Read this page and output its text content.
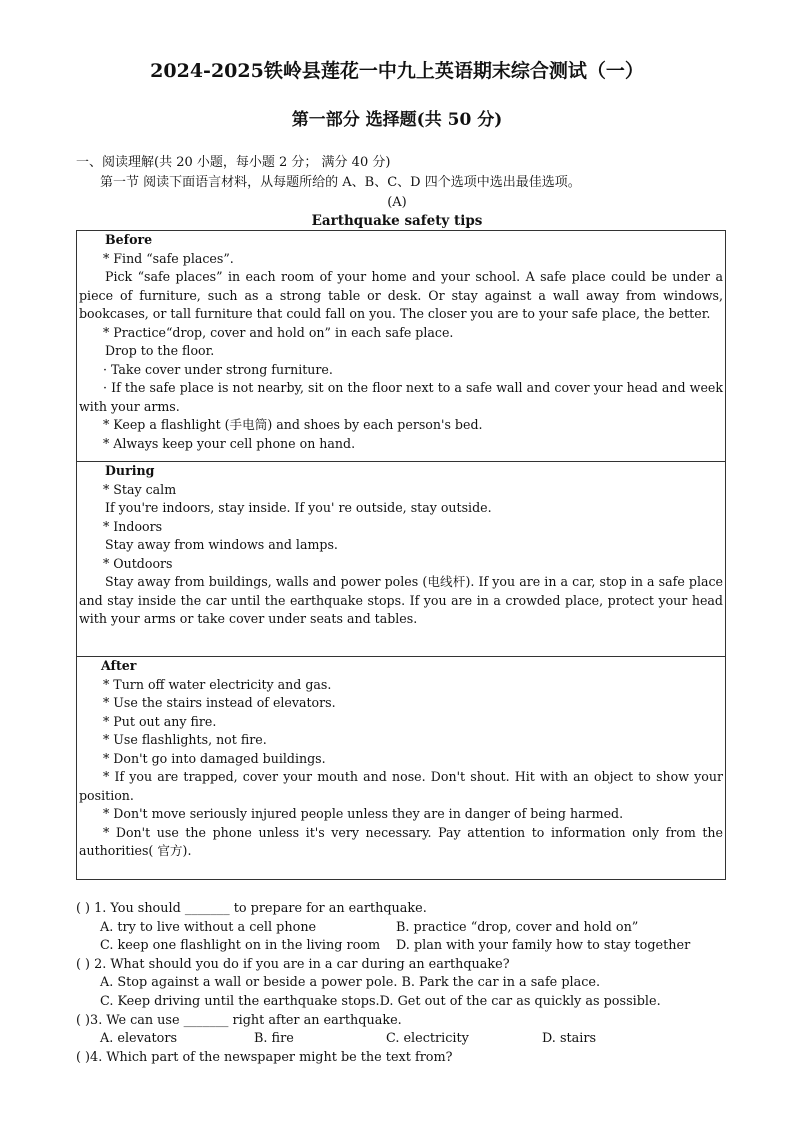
2024-2025铁岭县莲花一中九上英语期末综合测试（一）
第一部分 选择题(共 50 分)
一、阅读理解(共 20 小题，每小题 2 分； 满分 40 分)
第一节 阅读下面语言材料，从每题所给的 A、B、C、D 四个选项中选出最佳选项。
(A)
Earthquake safety tips
Before
* Find “safe places”.
Pick “safe places” in each room of your home and your school. A safe place could be under a piece of furniture, such as a strong table or desk. Or stay against a wall away from windows, bookcases, or tall furniture that could fall on you. The closer you are to your safe place, the better.
* Practice“drop, cover and hold on” in each safe place.
Drop to the floor.
· Take cover under strong furniture.
· If the safe place is not nearby, sit on the floor next to a safe wall and cover your head and week with your arms.
* Keep a flashlight (手电筒) and shoes by each person's bed.
* Always keep your cell phone on hand.

During
* Stay calm
If you're indoors, stay inside. If you' re outside, stay outside.
* Indoors
Stay away from windows and lamps.
* Outdoors
Stay away from buildings, walls and power poles (电线杆). If you are in a car, stop in a safe place and stay inside the car until the earthquake stops. If you are in a crowded place, protect your head with your arms or take cover under seats and tables.

After
* Turn off water electricity and gas.
* Use the stairs instead of elevators.
* Put out any fire.
* Use flashlights, not fire.
* Don't go into damaged buildings.
* If you are trapped, cover your mouth and nose. Don't shout. Hit with an object to show your position.
* Don't move seriously injured people unless they are in danger of being harmed.
* Don't use the phone unless it's very necessary. Pay attention to information only from the authorities( 官方).
( ) 1. You should _______ to prepare for an earthquake.
A. try to live without a cell phone	B. practice “drop, cover and hold on”
C. keep one flashlight on in the living room D. plan with your family how to stay together
( ) 2. What should you do if you are in a car during an earthquake?
A. Stop against a wall or beside a power pole. B. Park the car in a safe place.
C. Keep driving until the earthquake stops.D. Get out of the car as quickly as possible.
( )3. We can use _______ right after an earthquake.
A. elevators	B. fire	C. electricity	D. stairs
( )4. Which part of the newspaper might be the text from?
